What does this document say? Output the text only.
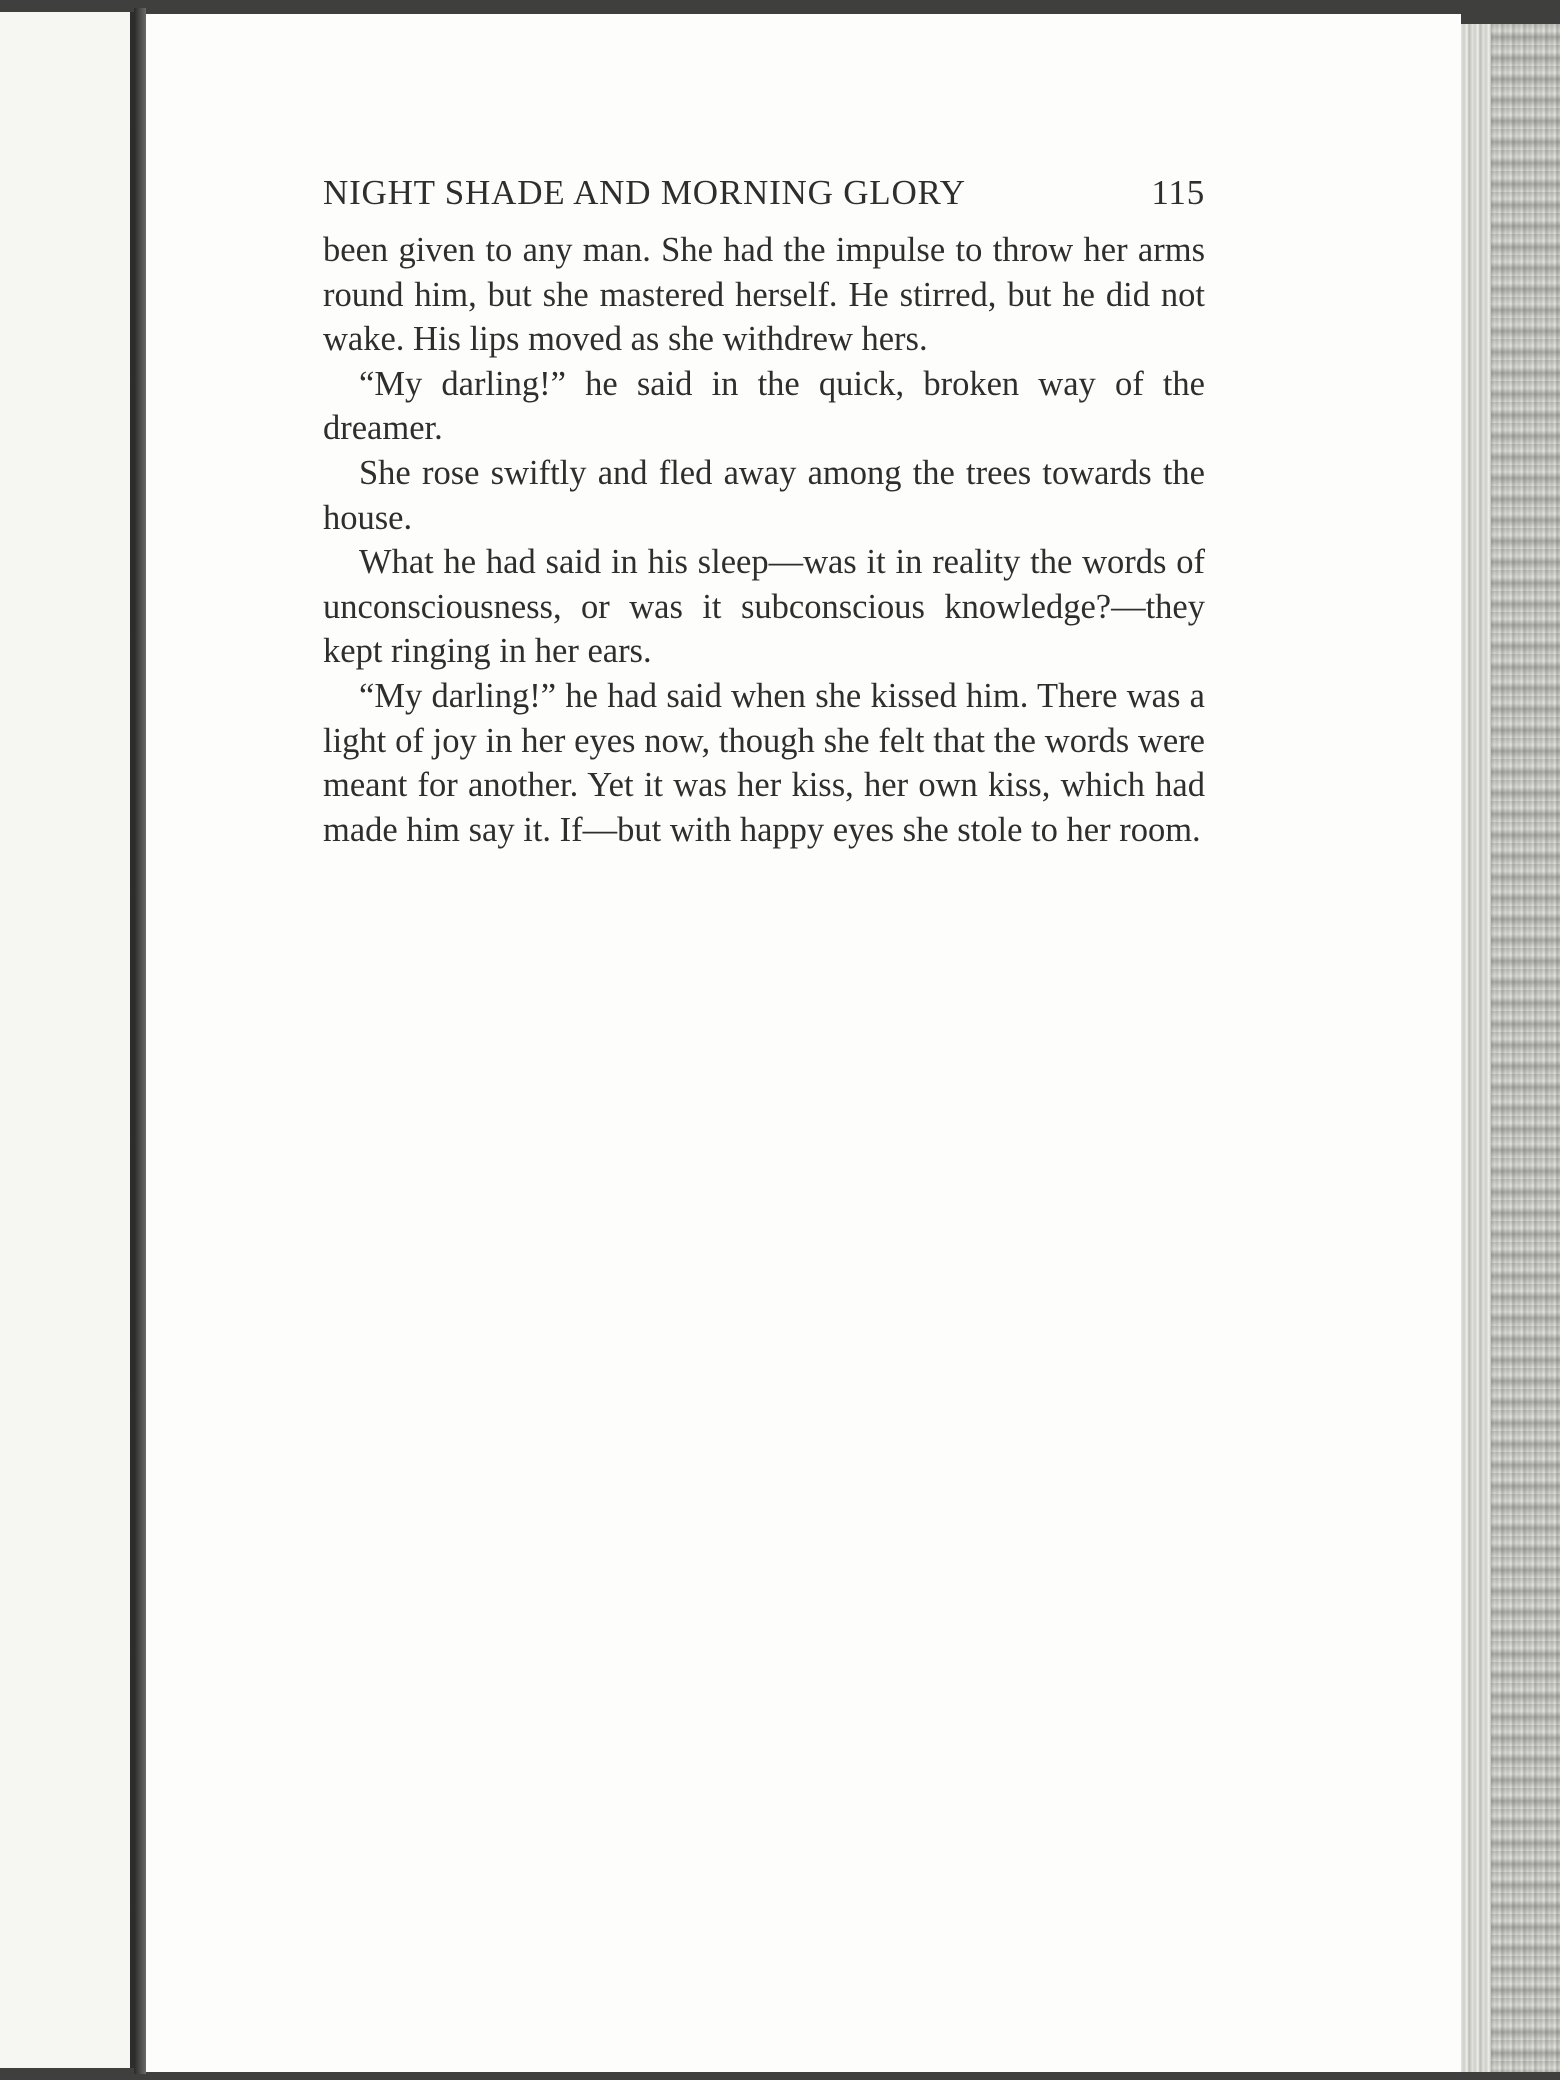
NIGHT SHADE AND MORNING GLORY	115

been given to any man. She had the impulse to throw her arms round him, but she mastered herself. He stirred, but he did not wake. His lips moved as she withdrew hers.

“My darling!” he said in the quick, broken way of the dreamer.

She rose swiftly and fled away among the trees towards the house.

What he had said in his sleep—was it in reality the words of unconsciousness, or was it subconscious knowledge?—they kept ringing in her ears.

“My darling!” he had said when she kissed him. There was a light of joy in her eyes now, though she felt that the words were meant for another. Yet it was her kiss, her own kiss, which had made him say it. If—but with happy eyes she stole to her room.
